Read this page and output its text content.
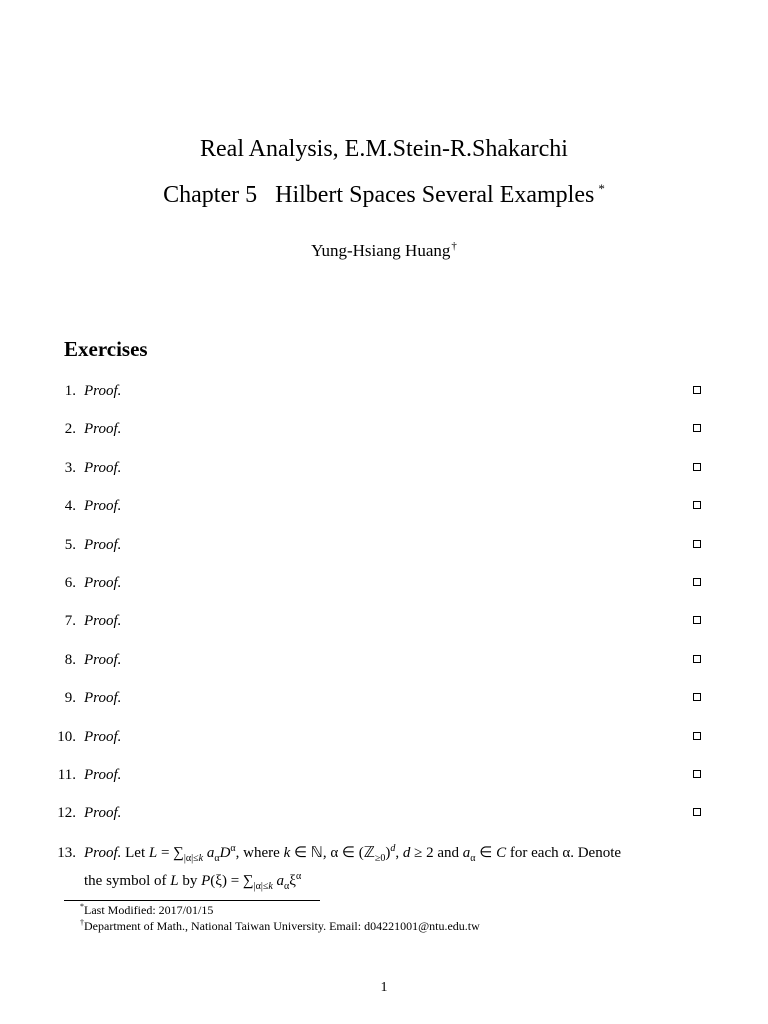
Real Analysis, E.M.Stein-R.Shakarchi
Chapter 5   Hilbert Spaces Several Examples *
Yung-Hsiang Huang†
Exercises
1. Proof.
2. Proof.
3. Proof.
4. Proof.
5. Proof.
6. Proof.
7. Proof.
8. Proof.
9. Proof.
10. Proof.
11. Proof.
12. Proof.
13. Proof. Let $L = \sum_{|\alpha|\le k}$ $a_\alpha D^\alpha$, where k ∈ ℕ, α ∈ (ℤ$_{\ge 0}$)$^d$, d ≥ 2 and $a_\alpha$ ∈ C for each α. Denote
the symbol of L by $P(\xi) = \sum_{|\alpha|\le k}$ $a_\alpha\xi^\alpha$
*Last Modified: 2017/01/15
†Department of Math., National Taiwan University. Email: d04221001@ntu.edu.tw
1
